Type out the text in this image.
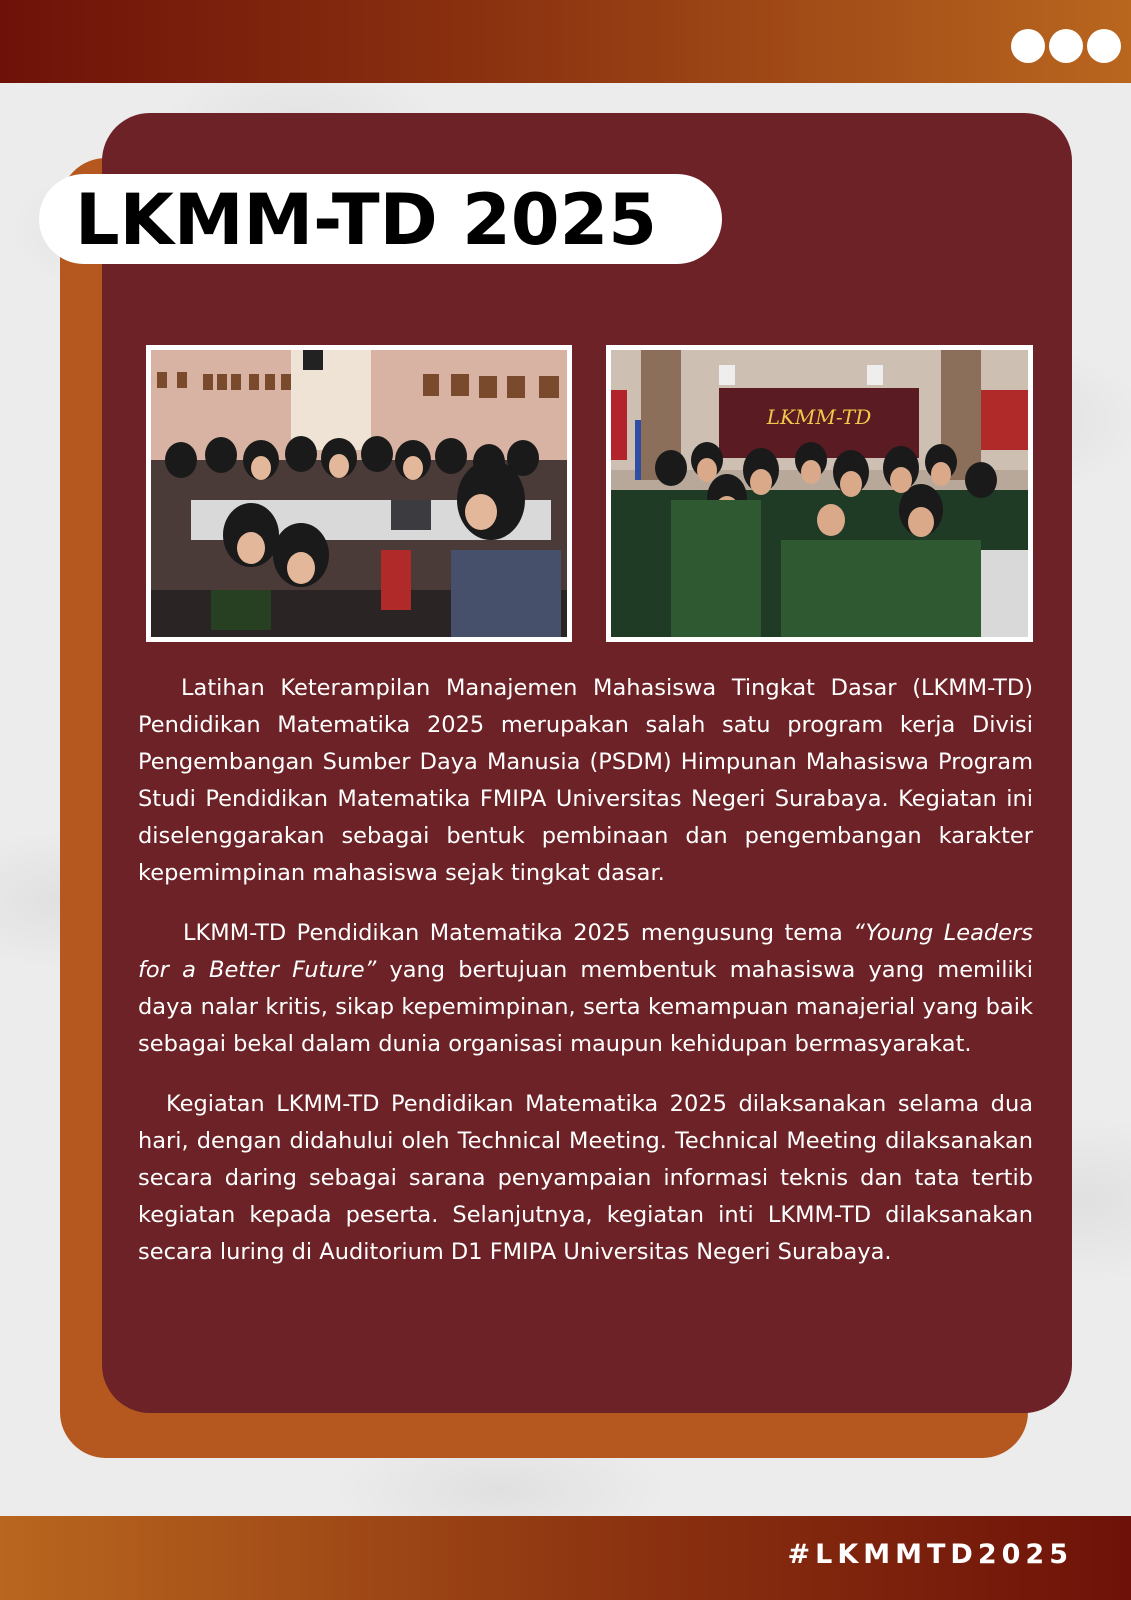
LKMM-TD 2025
LKMM-TD

Latihan Keterampilan Manajemen Mahasiswa Tingkat Dasar (LKMM-TD) Pendidikan Matematika 2025 merupakan salah satu program kerja Divisi Pengembangan Sumber Daya Manusia (PSDM) Himpunan Mahasiswa Program Studi Pendidikan Matematika FMIPA Universitas Negeri Surabaya. Kegiatan ini diselenggarakan sebagai bentuk pembinaan dan pengembangan karakter kepemimpinan mahasiswa sejak tingkat dasar.

LKMM-TD Pendidikan Matematika 2025 mengusung tema “Young Leaders for a Better Future” yang bertujuan membentuk mahasiswa yang memiliki daya nalar kritis, sikap kepemimpinan, serta kemampuan manajerial yang baik sebagai bekal dalam dunia organisasi maupun kehidupan bermasyarakat.

Kegiatan LKMM-TD Pendidikan Matematika 2025 dilaksanakan selama dua hari, dengan didahului oleh Technical Meeting. Technical Meeting dilaksanakan secara daring sebagai sarana penyampaian informasi teknis dan tata tertib kegiatan kepada peserta. Selanjutnya, kegiatan inti LKMM-TD dilaksanakan secara luring di Auditorium D1 FMIPA Universitas Negeri Surabaya.

#LKMMTD2025
